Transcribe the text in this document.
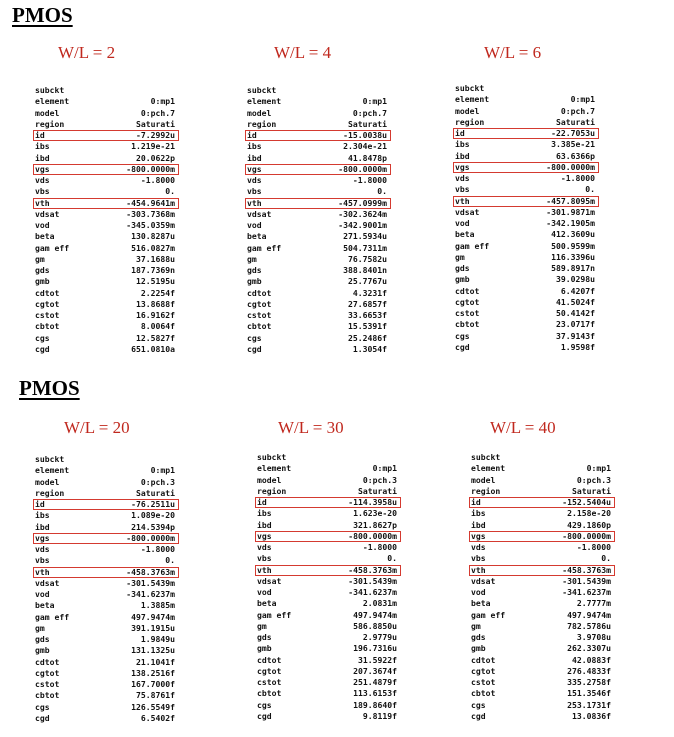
PMOS
W/L = 2	W/L = 4	W/L = 6
subckt
element	0:mp1
model	0:pch.7
region	Saturati
id	-7.2992u
ibs	1.219e-21
ibd	20.0622p
vgs	-800.0000m
vds	-1.8000
vbs	0.
vth	-454.9641m
vdsat	-303.7368m
vod	-345.0359m
beta	130.8287u
gam eff	516.0827m
gm	37.1688u
gds	187.7369n
gmb	12.5195u
cdtot	2.2254f
cgtot	13.8688f
cstot	16.9162f
cbtot	8.0064f
cgs	12.5827f
cgd	651.0810a
subckt
element	0:mp1
model	0:pch.7
region	Saturati
id	-15.0038u
ibs	2.304e-21
ibd	41.8478p
vgs	-800.0000m
vds	-1.8000
vbs	0.
vth	-457.0999m
vdsat	-302.3624m
vod	-342.9001m
beta	271.5934u
gam eff	504.7311m
gm	76.7582u
gds	388.8401n
gmb	25.7767u
cdtot	4.3231f
cgtot	27.6857f
cstot	33.6653f
cbtot	15.5391f
cgs	25.2486f
cgd	1.3054f
subckt
element	0:mp1
model	0:pch.7
region	Saturati
id	-22.7053u
ibs	3.385e-21
ibd	63.6366p
vgs	-800.0000m
vds	-1.8000
vbs	0.
vth	-457.8095m
vdsat	-301.9871m
vod	-342.1905m
beta	412.3609u
gam eff	500.9599m
gm	116.3396u
gds	589.8917n
gmb	39.0298u
cdtot	6.4207f
cgtot	41.5024f
cstot	50.4142f
cbtot	23.0717f
cgs	37.9143f
cgd	1.9598f
PMOS
W/L = 20	W/L = 30	W/L = 40
subckt
element	0:mp1
model	0:pch.3
region	Saturati
id	-76.2511u
ibs	1.089e-20
ibd	214.5394p
vgs	-800.0000m
vds	-1.8000
vbs	0.
vth	-458.3763m
vdsat	-301.5439m
vod	-341.6237m
beta	1.3885m
gam eff	497.9474m
gm	391.1915u
gds	1.9849u
gmb	131.1325u
cdtot	21.1041f
cgtot	138.2516f
cstot	167.7000f
cbtot	75.8761f
cgs	126.5549f
cgd	6.5402f
subckt
element	0:mp1
model	0:pch.3
region	Saturati
id	-114.3958u
ibs	1.623e-20
ibd	321.8627p
vgs	-800.0000m
vds	-1.8000
vbs	0.
vth	-458.3763m
vdsat	-301.5439m
vod	-341.6237m
beta	2.0831m
gam eff	497.9474m
gm	586.8850u
gds	2.9779u
gmb	196.7316u
cdtot	31.5922f
cgtot	207.3674f
cstot	251.4879f
cbtot	113.6153f
cgs	189.8640f
cgd	9.8119f
subckt
element	0:mp1
model	0:pch.3
region	Saturati
id	-152.5404u
ibs	2.158e-20
ibd	429.1860p
vgs	-800.0000m
vds	-1.8000
vbs	0.
vth	-458.3763m
vdsat	-301.5439m
vod	-341.6237m
beta	2.7777m
gam eff	497.9474m
gm	782.5786u
gds	3.9708u
gmb	262.3307u
cdtot	42.0883f
cgtot	276.4833f
cstot	335.2758f
cbtot	151.3546f
cgs	253.1731f
cgd	13.0836f
